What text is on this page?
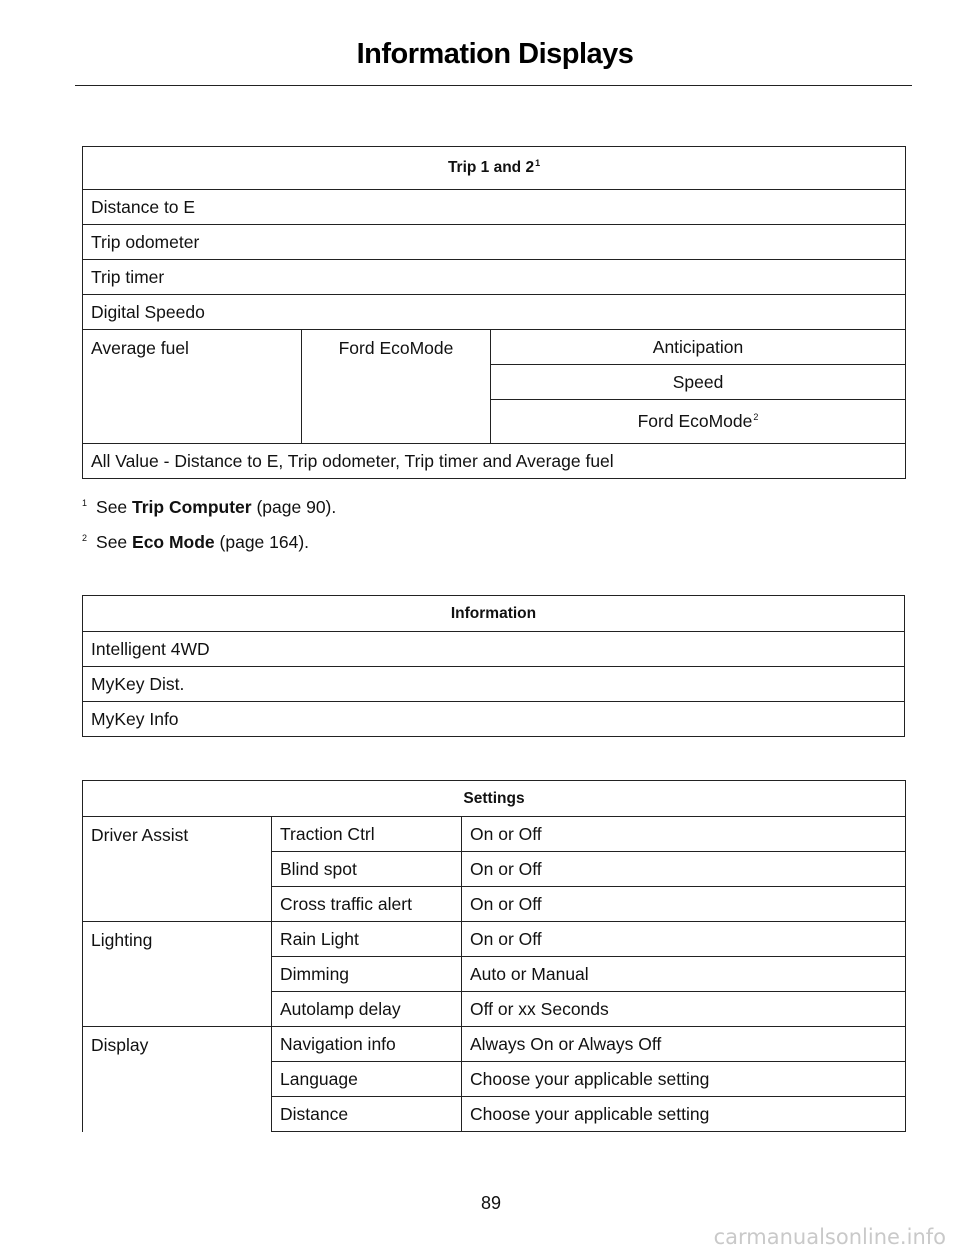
Information Displays
Trip 1 and $2^1$
Distance to E
Trip odometer
Trip timer
Digital Speedo
Average fuel	Ford EcoMode	Anticipation
Speed
Ford EcoMode$^2$
All Value - Distance to E, Trip odometer, Trip timer and Average fuel
$^1$ See Trip Computer (page 90).
$^2$ See Eco Mode (page 164).
Information
Intelligent 4WD
MyKey Dist.
MyKey Info
Settings		
Driver Assist	Traction Ctrl	On or Off
	Blind spot	On or Off
	Cross traffic alert	On or Off
Lighting	Rain Light	On or Off
	Dimming	Auto or Manual
	Autolamp delay	Off or xx Seconds
Display	Navigation info	Always On or Always Off
	Language	Choose your applicable setting
	Distance	Choose your applicable setting
89
carmanualsonline.info
